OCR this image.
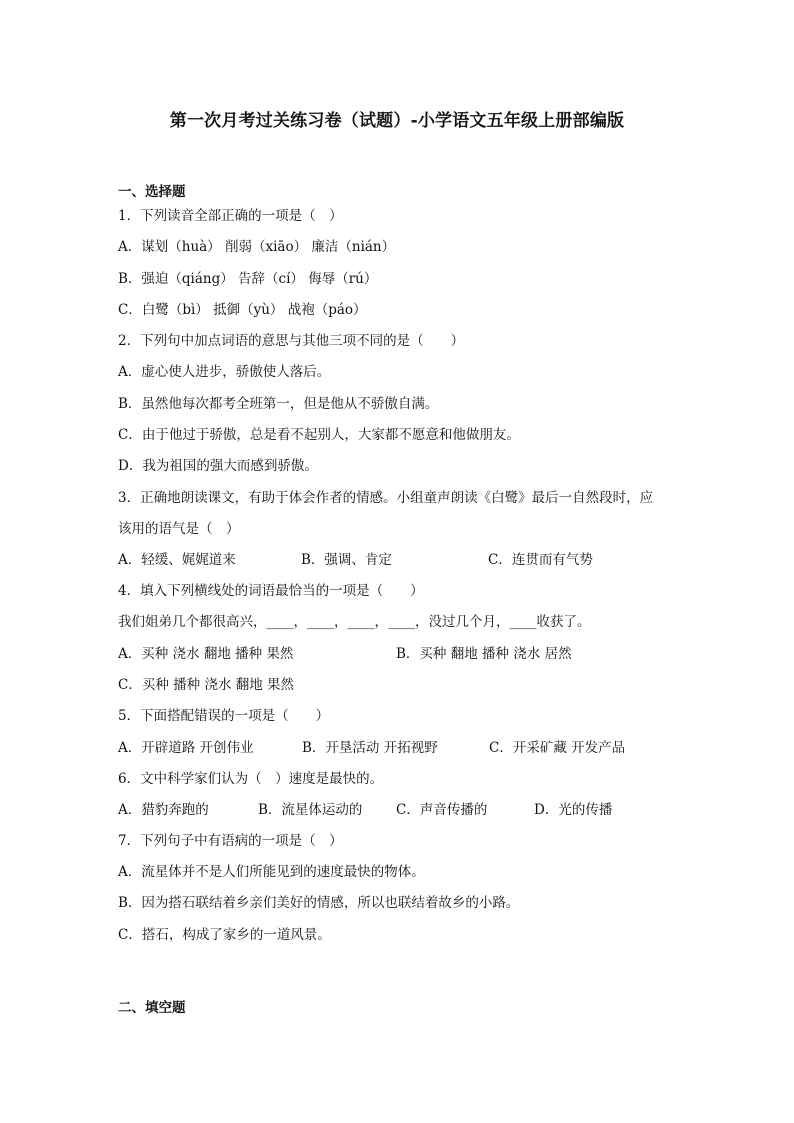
第一次月考过关练习卷（试题）-小学语文五年级上册部编版
一、选择题
1．下列读音全部正确的一项是（　）
A．谋划（huà） 削弱（xiāo） 廉洁（nián）
B．强迫（qiáng） 告辞（cí） 侮辱（rú）
C．白鹭（bì） 抵御（yù） 战袍（páo）
2．下列句中加点词语的意思与其他三项不同的是（　　）
A．虚心使人进步，骄傲使人落后。
B．虽然他每次都考全班第一，但是他从不骄傲自满。
C．由于他过于骄傲，总是看不起别人，大家都不愿意和他做朋友。
D．我为祖国的强大而感到骄傲。
3．正确地朗读课文，有助于体会作者的情感。小组童声朗读《白鹭》最后一自然段时，应
该用的语气是（　）
A．轻缓、娓娓道来	B．强调、肯定	C．连贯而有气势
4．填入下列横线处的词语最恰当的一项是（　　）
我们姐弟几个都很高兴，____，____，____，____，没过几个月，____收获了。
A．买种 浇水 翻地 播种 果然	B．买种 翻地 播种 浇水 居然
C．买种 播种 浇水 翻地 果然
5．下面搭配错误的一项是（　　）
A．开辟道路 开创伟业	B．开垦活动 开拓视野	C．开采矿藏 开发产品
6．文中科学家们认为（　）速度是最快的。
A．猎豹奔跑的	B．流星体运动的 C．声音传播的	D．光的传播
7．下列句子中有语病的一项是（　）
A．流星体并不是人们所能见到的速度最快的物体。
B．因为搭石联结着乡亲们美好的情感，所以也联结着故乡的小路。
C．搭石，构成了家乡的一道风景。
二、填空题
